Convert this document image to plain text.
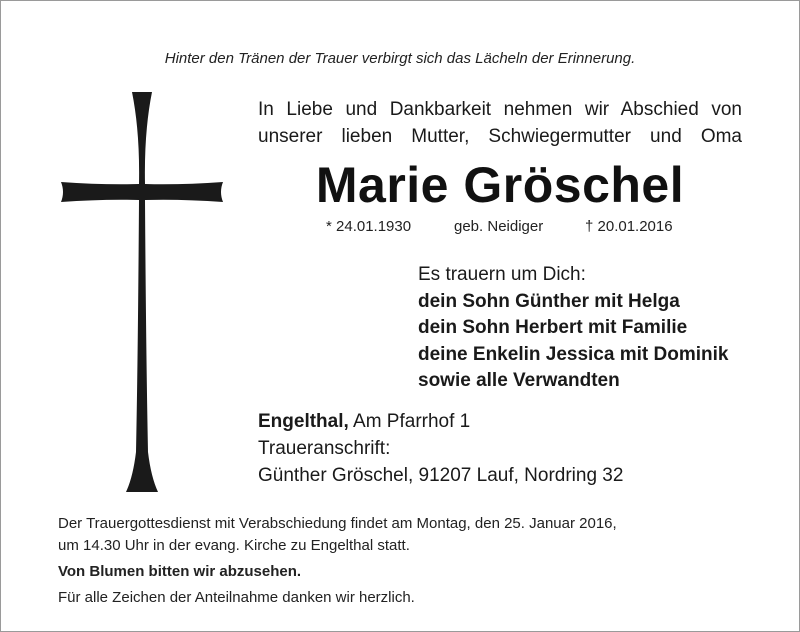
Hinter den Tränen der Trauer verbirgt sich das Lächeln der Erinnerung.
In Liebe und Dankbarkeit nehmen wir Abschied von
unserer lieben Mutter, Schwiegermutter und Oma
Marie Gröschel
* 24.01.1930	geb. Neidiger	† 20.01.2016
Es trauern um Dich:
dein Sohn Günther mit Helga
dein Sohn Herbert mit Familie
deine Enkelin Jessica mit Dominik
sowie alle Verwandten
Engelthal, Am Pfarrhof 1
Traueranschrift:
Günther Gröschel, 91207 Lauf, Nordring 32
Der Trauergottesdienst mit Verabschiedung findet am Montag, den 25. Januar 2016,
um 14.30 Uhr in der evang. Kirche zu Engelthal statt.
Von Blumen bitten wir abzusehen.
Für alle Zeichen der Anteilnahme danken wir herzlich.
